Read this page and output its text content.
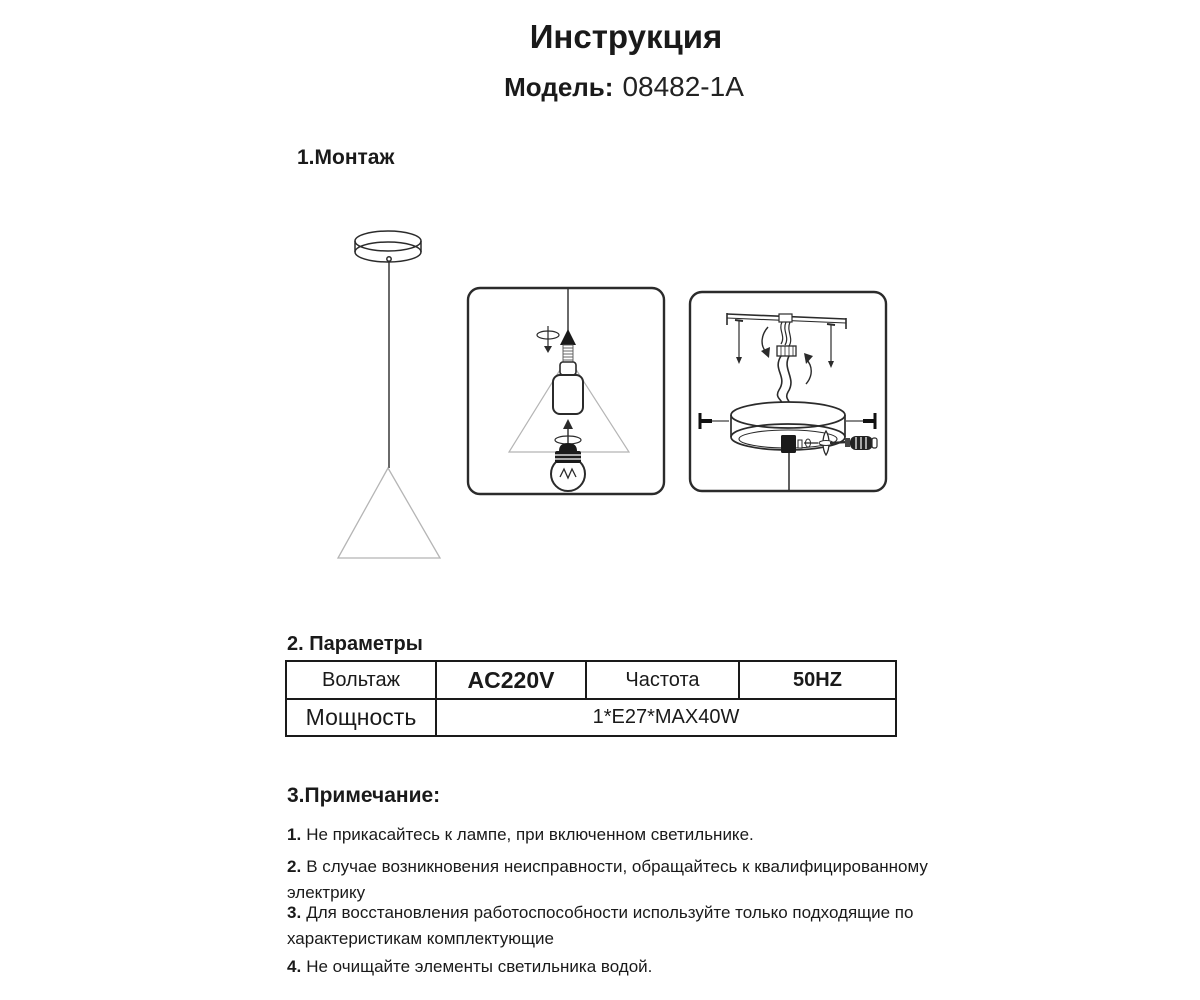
Инструкция
Модель: 08482-1A
1.Монтаж
2. Параметры
Вольтаж	AC220V	Частота	50HZ
Мощность	1*E27*MAX40W
3.Примечание:
1. Не прикасайтесь к лампе, при включенном светильнике.
2. В случае возникновения неисправности, обращайтесь к квалифицированному
электрику
3. Для восстановления работоспособности используйте только подходящие по
характеристикам комплектующие
4. Не очищайте элементы светильника водой.
